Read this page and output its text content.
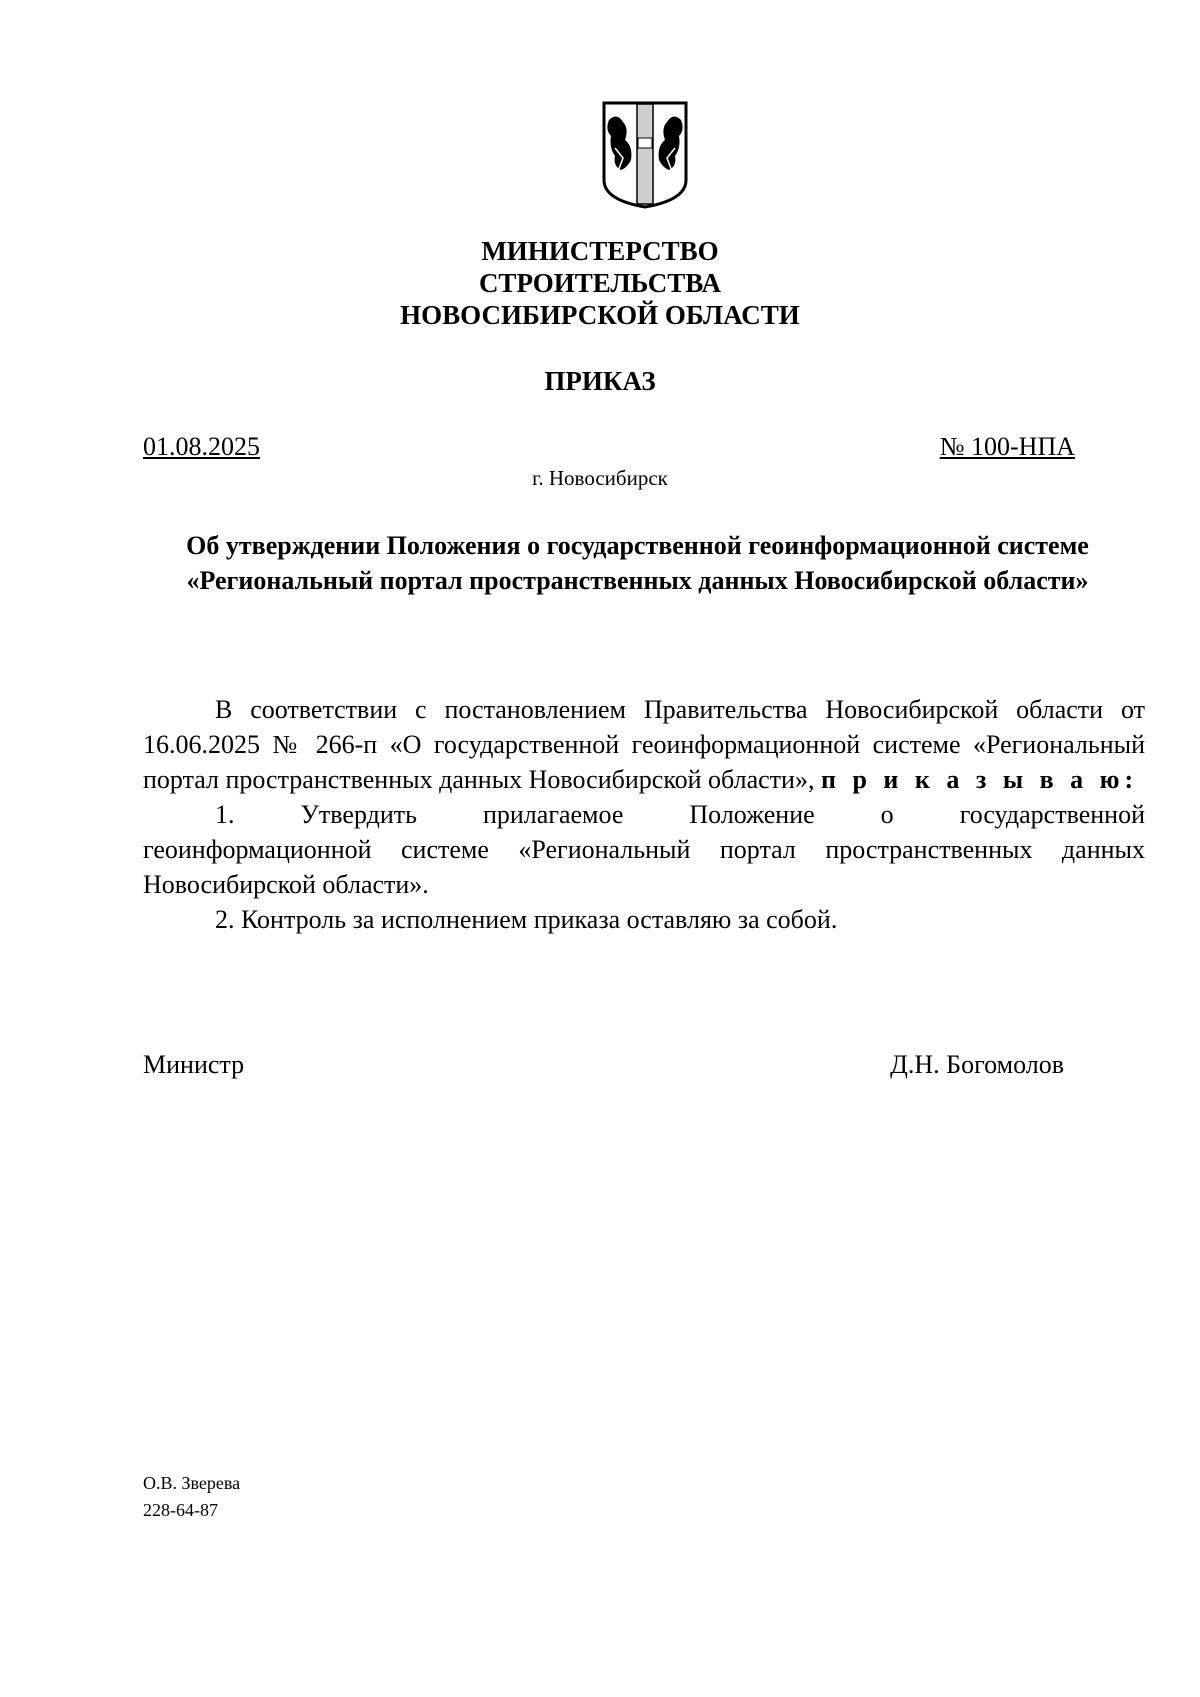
МИНИСТЕРСТВО
СТРОИТЕЛЬСТВА
НОВОСИБИРСКОЙ ОБЛАСТИ
ПРИКАЗ
01.08.2025	№ 100-НПА
г. Новосибирск
Об утверждении Положения о государственной геоинформационной системе
«Региональный портал пространственных данных Новосибирской области»

В соответствии с постановлением Правительства Новосибирской области от 16.06.2025 № 266-п «О государственной геоинформационной системе «Региональный портал пространственных данных Новосибирской области», п р и к а з ы в а ю:

1. Утвердить прилагаемое Положение о государственной

геоинформационной системе «Региональный портал пространственных данных Новосибирской области».

2. Контроль за исполнением приказа оставляю за собой.

Министр	Д.Н. Богомолов
О.В. Зверева
228-64-87
